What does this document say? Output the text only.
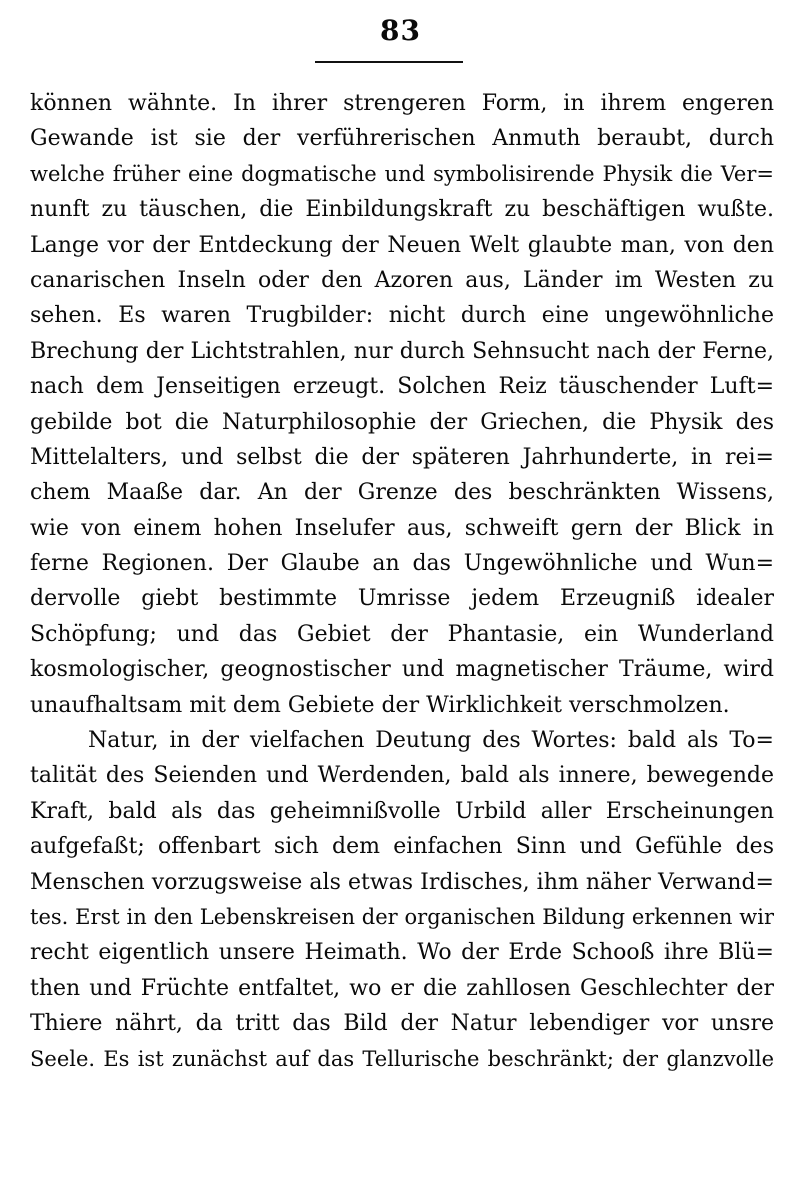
83
können wähnte. In ihrer strengeren Form, in ihrem engeren
Gewande ist sie der verführerischen Anmuth beraubt, durch
welche früher eine dogmatische und symbolisirende Physik die Ver=
nunft zu täuschen, die Einbildungskraft zu beschäftigen wußte.
Lange vor der Entdeckung der Neuen Welt glaubte man, von den
canarischen Inseln oder den Azoren aus, Länder im Westen zu
sehen. Es waren Trugbilder: nicht durch eine ungewöhnliche
Brechung der Lichtstrahlen, nur durch Sehnsucht nach der Ferne,
nach dem Jenseitigen erzeugt. Solchen Reiz täuschender Luft=
gebilde bot die Naturphilosophie der Griechen, die Physik des
Mittelalters, und selbst die der späteren Jahrhunderte, in rei=
chem Maaße dar. An der Grenze des beschränkten Wissens,
wie von einem hohen Inselufer aus, schweift gern der Blick in
ferne Regionen. Der Glaube an das Ungewöhnliche und Wun=
dervolle giebt bestimmte Umrisse jedem Erzeugniß idealer
Schöpfung; und das Gebiet der Phantasie, ein Wunderland
kosmologischer, geognostischer und magnetischer Träume, wird
unaufhaltsam mit dem Gebiete der Wirklichkeit verschmolzen.
Natur, in der vielfachen Deutung des Wortes: bald als To=
talität des Seienden und Werdenden, bald als innere, bewegende
Kraft, bald als das geheimnißvolle Urbild aller Erscheinungen
aufgefaßt; offenbart sich dem einfachen Sinn und Gefühle des
Menschen vorzugsweise als etwas Irdisches, ihm näher Verwand=
tes. Erst in den Lebenskreisen der organischen Bildung erkennen wir
recht eigentlich unsere Heimath. Wo der Erde Schooß ihre Blü=
then und Früchte entfaltet, wo er die zahllosen Geschlechter der
Thiere nährt, da tritt das Bild der Natur lebendiger vor unsre
Seele. Es ist zunächst auf das Tellurische beschränkt; der glanzvolle
